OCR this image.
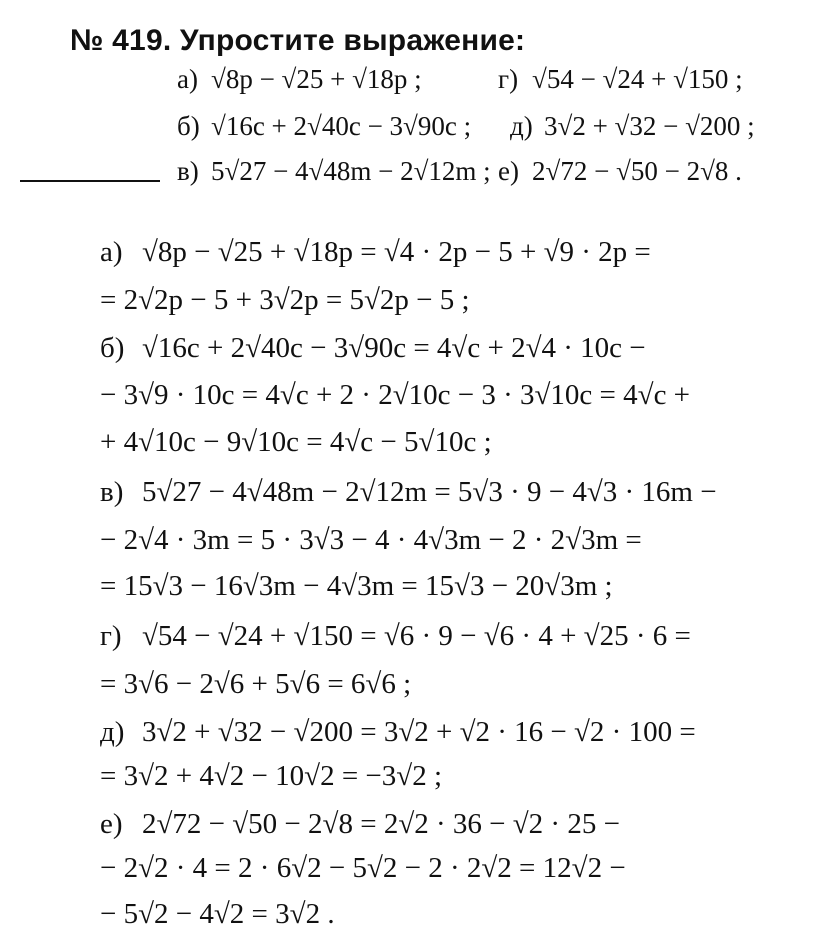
№ 419. Упростите выражение:
а) √8p − √25 + √18p ;	г) √54 − √24 + √150 ;
б) √16c + 2√40c − 3√90c ; д) 3√2 + √32 − √200 ;
в) 5√27 − 4√48m − 2√12m ; е) 2√72 − √50 − 2√8 .
а) √8p − √25 + √18p = √4 · 2p − 5 + √9 · 2p =
= 2√2p − 5 + 3√2p = 5√2p − 5 ;
б) √16c + 2√40c − 3√90c = 4√c + 2√4 · 10c −
− 3√9 · 10c = 4√c + 2 · 2√10c − 3 · 3√10c = 4√c +
+ 4√10c − 9√10c = 4√c − 5√10c ;
в) 5√27 − 4√48m − 2√12m = 5√3 · 9 − 4√3 · 16m −
− 2√4 · 3m = 5 · 3√3 − 4 · 4√3m − 2 · 2√3m =
= 15√3 − 16√3m − 4√3m = 15√3 − 20√3m ;
г) √54 − √24 + √150 = √6 · 9 − √6 · 4 + √25 · 6 =
= 3√6 − 2√6 + 5√6 = 6√6 ;
д) 3√2 + √32 − √200 = 3√2 + √2 · 16 − √2 · 100 =
= 3√2 + 4√2 − 10√2 = −3√2 ;
е) 2√72 − √50 − 2√8 = 2√2 · 36 − √2 · 25 −
− 2√2 · 4 = 2 · 6√2 − 5√2 − 2 · 2√2 = 12√2 −
− 5√2 − 4√2 = 3√2 .
